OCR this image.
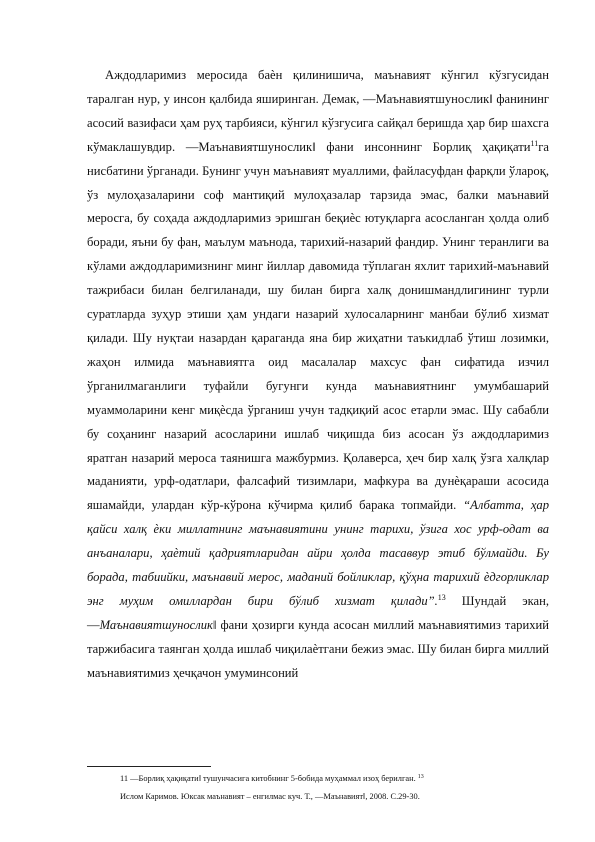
Аждодларимиз меросида баѐн қилинишича, маънавият кўнгил кўзгусидан таралган нур, у инсон қалбида яширинган. Демак, ―Маънавиятшунослик‖ фанининг асосий вазифаси ҳам руҳ тарбияси, кўнгил кўзгусига сайқал беришда ҳар бир шахсга кўмаклашувдир. ―Маънавиятшунослик‖ фани инсоннинг Борлиқ ҳақиқати$^{11}$га нисбатини ўрганади. Бунинг учун маънавият муаллими, файласуфдан фарқли ўлароқ, ўз мулоҳазаларини соф мантиқий мулоҳазалар тарзида эмас, балки маънавий меросга, бу соҳада аждодларимиз эришган беқиѐс ютуқларга асосланган ҳолда олиб боради, яъни бу фан, маълум маънода, тарихий-назарий фандир. Унинг теранлиги ва кўлами аждодларимизнинг минг йиллар давомида тўплаган яхлит тарихий-маънавий тажрибаси билан белгиланади, шу билан бирга халқ донишмандлигининг турли суратларда зуҳур этиши ҳам ундаги назарий хулосаларнинг манбаи бўлиб хизмат қилади. Шу нуқтаи назардан қараганда яна бир жиҳатни таъкидлаб ўтиш лозимки, жаҳон илмида маънавиятга оид масалалар махсус фан сифатида изчил ўрганилмаганлиги туфайли бугунги кунда маънавиятнинг умумбашарий муаммоларини кенг миқѐсда ўрганиш учун тадқиқий асос етарли эмас. Шу сабабли бу соҳанинг назарий асосларини ишлаб чиқишда биз асосан ўз аждодларимиз яратган назарий мероса таянишга мажбурмиз. Қолаверса, ҳеч бир халқ ўзга халқлар маданияти, урф-одатлари, фалсафий тизимлари, мафкура ва дунѐқараши асосида яшамайди, улардан кўр-кўрона кўчирма қилиб барака топмайди. “Албатта, ҳар қайси халқ ѐки миллатнинг маънавиятини унинг тарихи, ўзига хос урф-одат ва анъаналари, ҳаѐтий қадриятларидан айри ҳолда тасаввур этиб бўлмайди. Бу борада, табиийки, маънавий мерос, маданий бойликлар, қўҳна тарихий ѐдгорликлар энг муҳим омиллардан бири бўлиб хизмат қилади”.$^{13}$ Шундай экан, ―Маънавиятшунослик‖ фани ҳозирги кунда асосан миллий маънавиятимиз тарихий таржибасига таянган ҳолда ишлаб чиқилаѐтгани бежиз эмас. Шу билан бирга миллий маънавиятимиз ҳечқачон умуминсоний

11 ―Борлиқ ҳақиқати‖ тушунчасига китобнинг 5-бобида муҳаммал изоҳ берилган. $^{13}$

Ислом Каримов. Юксак маънавият – енгилмас куч. Т., ―Маънавият‖, 2008. С.29-30.
